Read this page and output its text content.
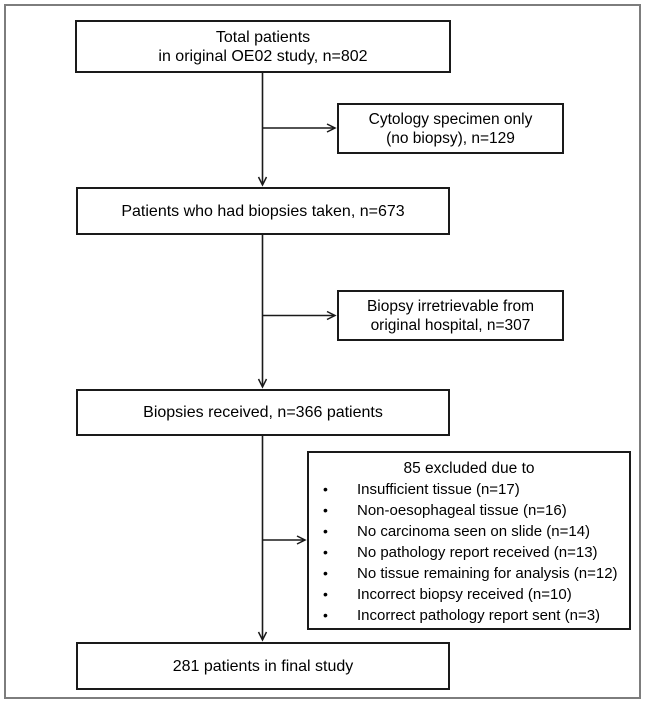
Total patients
in original OE02 study, n=802
Cytology specimen only
(no biopsy), n=129
Patients who had biopsies taken, n=673
Biopsy irretrievable from
original hospital, n=307
Biopsies received, n=366 patients
85 excluded due to
•	Insufficient tissue (n=17)
•	Non-oesophageal tissue (n=16)
•	No carcinoma seen on slide (n=14)
•	No pathology report received (n=13)
•	No tissue remaining for analysis (n=12)
•	Incorrect biopsy received (n=10)
•	Incorrect pathology report sent (n=3)
281 patients in final study
